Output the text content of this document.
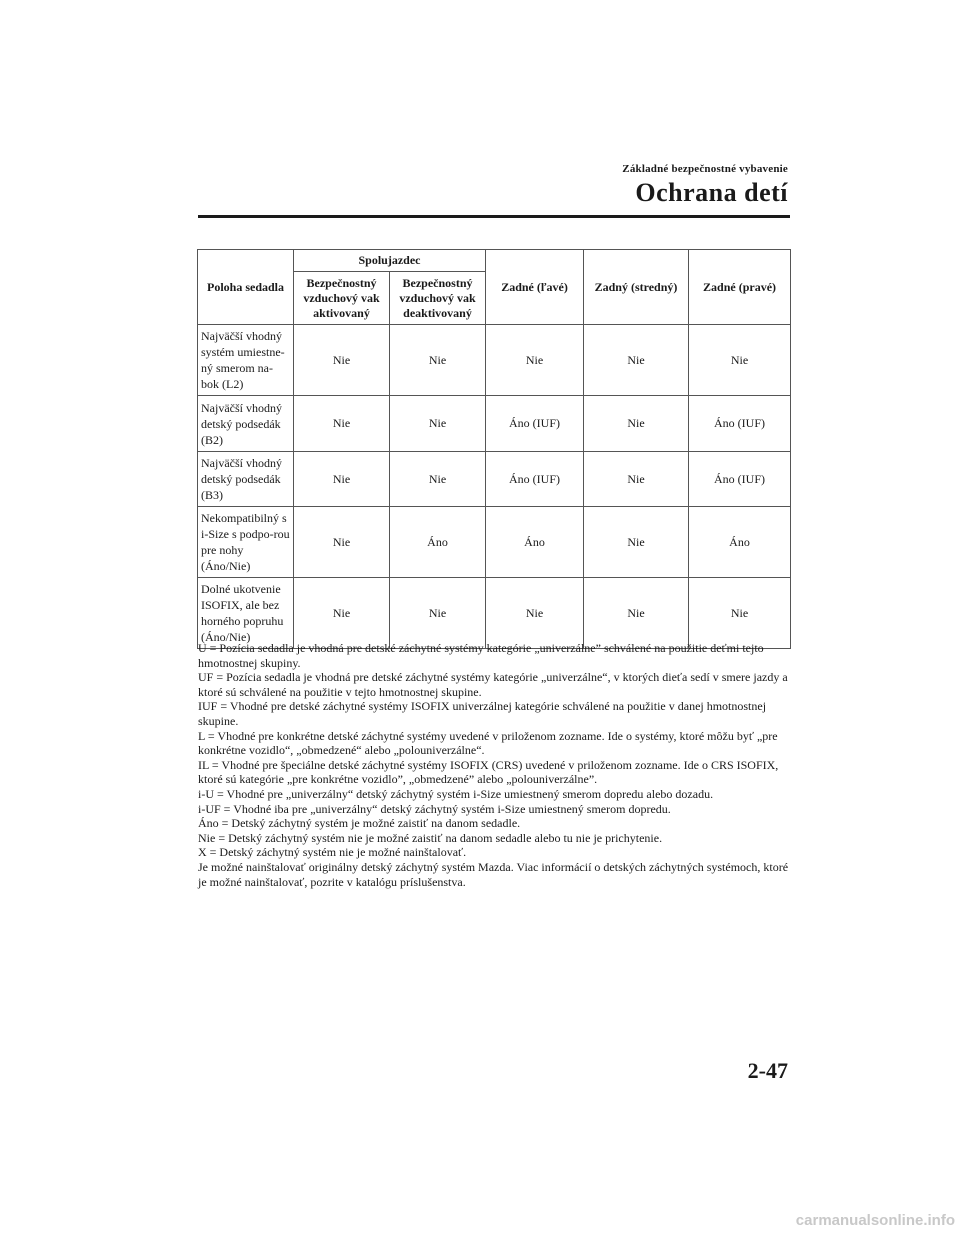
Základné bezpečnostné vybavenie
Ochrana detí
Poloha sedadla	Spolujazdec		Zadné (ľavé)	Zadný (stredný)	Zadné (pravé)
	Bezpečnostný vzduchový vak aktivovaný	Bezpečnostný vzduchový vak deaktivovaný			
Najväčší vhodný systém umiestne-ný smerom na-bok (L2)	Nie	Nie	Nie	Nie	Nie
Najväčší vhodný detský podsedák (B2)	Nie	Nie	Áno (IUF)	Nie	Áno (IUF)
Najväčší vhodný detský podsedák (B3)	Nie	Nie	Áno (IUF)	Nie	Áno (IUF)
Nekompatibilný s i-Size s podpo-rou pre nohy (Áno/Nie)	Nie	Áno	Áno	Nie	Áno
Dolné ukotvenie ISOFIX, ale bez horného popruhu (Áno/Nie)	Nie	Nie	Nie	Nie	Nie

U = Pozícia sedadla je vhodná pre detské záchytné systémy kategórie „univerzálne” schválené na použitie deťmi tejto hmotnostnej skupiny.

UF = Pozícia sedadla je vhodná pre detské záchytné systémy kategórie „univerzálne“, v ktorých dieťa sedí v smere jazdy a ktoré sú schválené na použitie v tejto hmotnostnej skupine.

IUF = Vhodné pre detské záchytné systémy ISOFIX univerzálnej kategórie schválené na použitie v danej hmotnostnej skupine.

L = Vhodné pre konkrétne detské záchytné systémy uvedené v priloženom zozname. Ide o systémy, ktoré môžu byť „pre konkrétne vozidlo“, „obmedzené“ alebo „polouniverzálne“.

IL = Vhodné pre špeciálne detské záchytné systémy ISOFIX (CRS) uvedené v priloženom zozname. Ide o CRS ISOFIX, ktoré sú kategórie „pre konkrétne vozidlo”, „obmedzené” alebo „polouniverzálne”.

i-U = Vhodné pre „univerzálny“ detský záchytný systém i-Size umiestnený smerom dopredu alebo dozadu.

i-UF = Vhodné iba pre „univerzálny“ detský záchytný systém i-Size umiestnený smerom dopredu.

Áno = Detský záchytný systém je možné zaistiť na danom sedadle.

Nie = Detský záchytný systém nie je možné zaistiť na danom sedadle alebo tu nie je prichytenie.

X = Detský záchytný systém nie je možné nainštalovať.

Je možné nainštalovať originálny detský záchytný systém Mazda. Viac informácií o detských záchytných systémoch, ktoré je možné nainštalovať, pozrite v katalógu príslušenstva.

2-47
carmanualsonline.info
